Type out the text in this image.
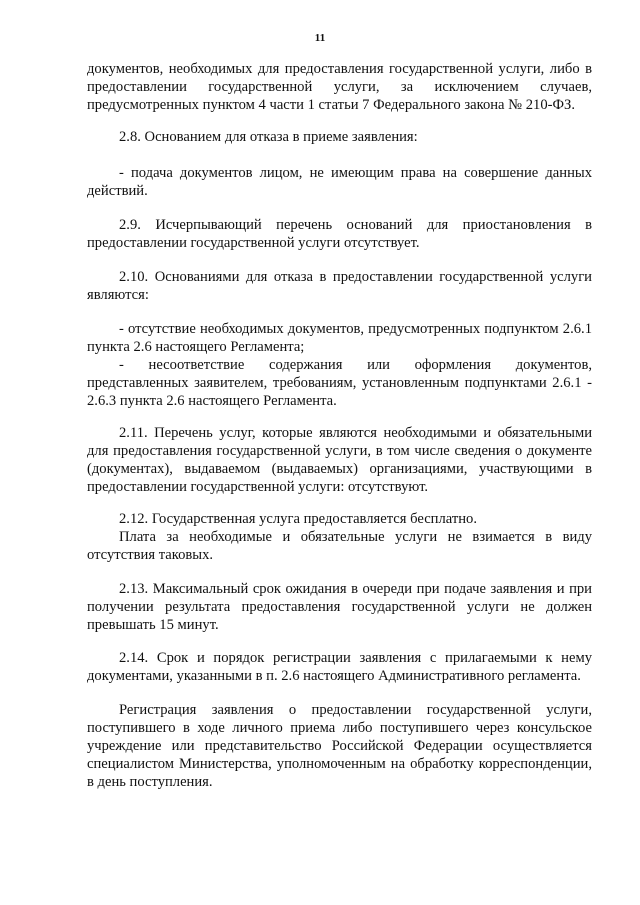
11

документов, необходимых для предоставления государственной услуги, либо в предоставлении государственной услуги, за исключением случаев, предусмотренных пунктом 4 части 1 статьи 7 Федерального закона № 210-ФЗ.

2.8. Основанием для отказа в приеме заявления:

- подача документов лицом, не имеющим права на совершение данных действий.

2.9. Исчерпывающий перечень оснований для приостановления в предоставлении государственной услуги отсутствует.

2.10. Основаниями для отказа в предоставлении государственной услуги являются:

- отсутствие необходимых документов, предусмотренных подпунктом 2.6.1 пункта 2.6 настоящего Регламента;

- несоответствие содержания или оформления документов, представленных заявителем, требованиям, установленным подпунктами 2.6.1 - 2.6.3 пункта 2.6 настоящего Регламента.

2.11. Перечень услуг, которые являются необходимыми и обязательными для предоставления государственной услуги, в том числе сведения о документе (документах), выдаваемом (выдаваемых) организациями, участвующими в предоставлении государственной услуги: отсутствуют.

2.12. Государственная услуга предоставляется бесплатно.

Плата за необходимые и обязательные услуги не взимается в виду отсутствия таковых.

2.13. Максимальный срок ожидания в очереди при подаче заявления и при получении результата предоставления государственной услуги не должен превышать 15 минут.

2.14. Срок и порядок регистрации заявления с прилагаемыми к нему документами, указанными в п. 2.6 настоящего Административного регламента.

Регистрация заявления о предоставлении государственной услуги, поступившего в ходе личного приема либо поступившего через консульское учреждение или представительство Российской Федерации осуществляется специалистом Министерства, уполномоченным на обработку корреспонденции, в день поступления.
